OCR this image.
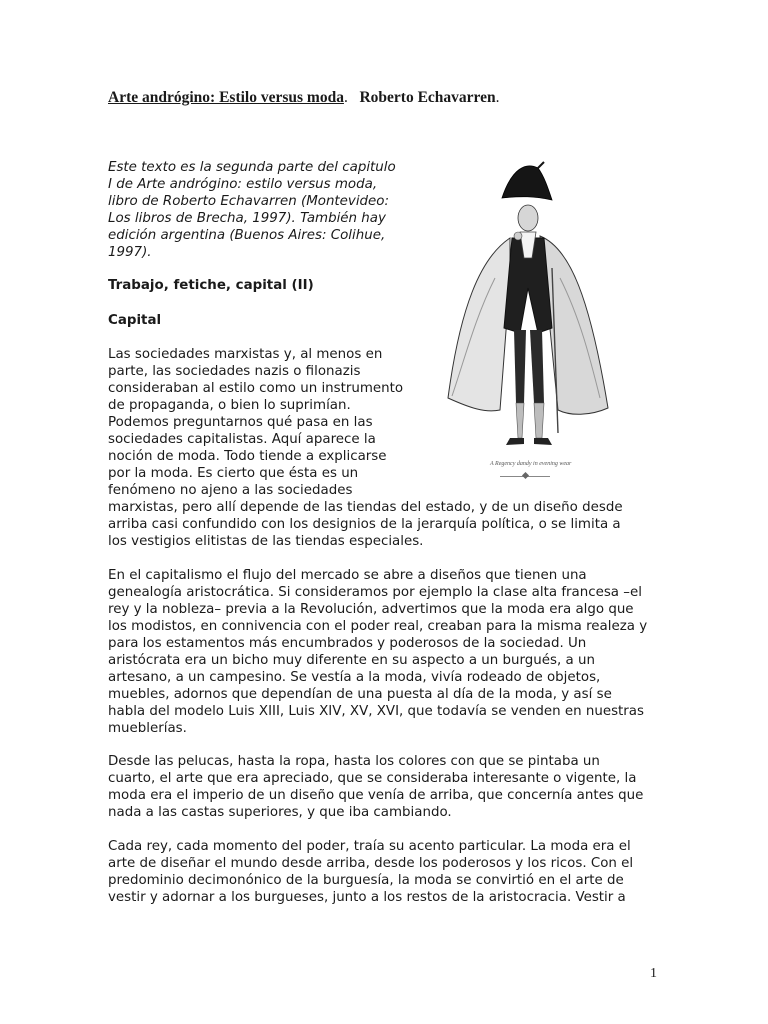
Arte andrógino: Estilo versus moda. Roberto Echavarren.
Este texto es la segunda parte del capitulo
I de Arte andrógino: estilo versus moda,
libro de Roberto Echavarren (Montevideo:
Los libros de Brecha, 1997). También hay
edición argentina (Buenos Aires: Colihue,
1997).
Trabajo, fetiche, capital (II)
Capital
Las sociedades marxistas y, al menos en
parte, las sociedades nazis o filonazis
consideraban al estilo como un instrumento
de propaganda, o bien lo suprimían.
Podemos preguntarnos qué pasa en las
sociedades capitalistas. Aquí aparece la
noción de moda. Todo tiende a explicarse
por la moda. Es cierto que ésta es un
fenómeno no ajeno a las sociedades
marxistas, pero allí depende de las tiendas del estado, y de un diseño desde
arriba casi confundido con los designios de la jerarquía política, o se limita a
los vestigios elitistas de las tiendas especiales.
En el capitalismo el flujo del mercado se abre a diseños que tienen una genealogía aristocrática. Si consideramos por ejemplo la clase alta francesa –el rey y la nobleza– previa a la Revolución, advertimos que la moda era algo que los modistos, en connivencia con el poder real, creaban para la misma realeza y para los estamentos más encumbrados y poderosos de la sociedad. Un aristócrata era un bicho muy diferente en su aspecto a un burgués, a un artesano, a un campesino. Se vestía a la moda, vivía rodeado de objetos, muebles, adornos que dependían de una puesta al día de la moda, y así se habla del modelo Luis XIII, Luis XIV, XV, XVI, que todavía se venden en nuestras mueblerías.
Desde las pelucas, hasta la ropa, hasta los colores con que se pintaba un cuarto, el arte que era apreciado, que se consideraba interesante o vigente, la moda era el imperio de un diseño que venía de arriba, que concernía antes que nada a las castas superiores, y que iba cambiando.
Cada rey, cada momento del poder, traía su acento particular. La moda era el arte de diseñar el mundo desde arriba, desde los poderosos y los ricos. Con el predominio decimonónico de la burguesía, la moda se convirtió en el arte de vestir y adornar a los burgueses, junto a los restos de la aristocracia. Vestir a
A Regency dandy in evening wear
1
